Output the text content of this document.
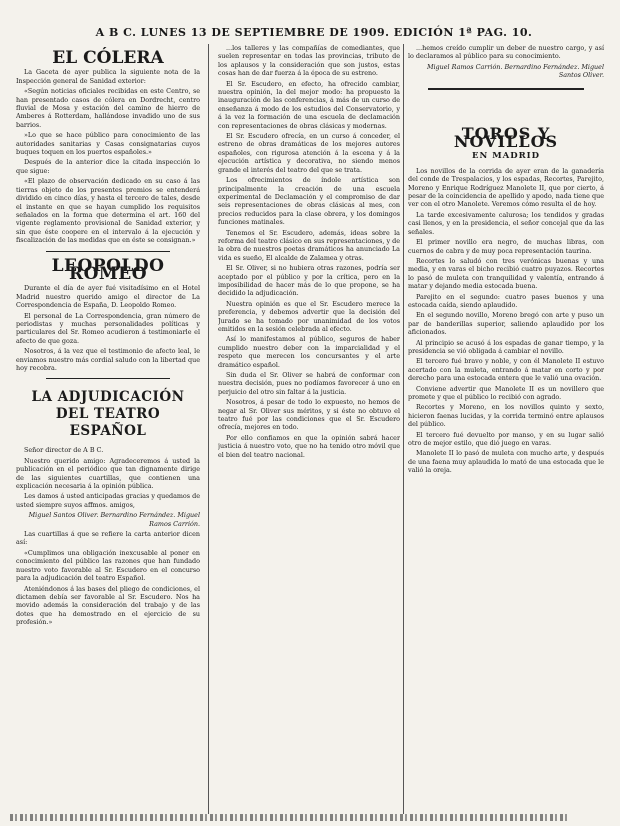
A B C. LUNES 13 DE SEPTIEMBRE DE 1909. EDICIÓN 1ª PAG. 10.
EL CÓLERA

La Gaceta de ayer publica la siguiente nota de la Inspección general de Sanidad exterior:

«Según noticias oficiales recibidas en este Centro, se han presentado casos de cólera en Dordrecht, centro fluvial de Mosa y estación del camino de hierro de Amberes á Rotterdam, hallándose invadido uno de sus barrios.

»Lo que se hace público para conocimiento de las autoridades sanitarias y Casas consignatarias cuyos buques toquen en los puertos españoles.»

Después de la anterior dice la citada inspección lo que sigue:

«El plazo de observación dedicado en su caso á las tierras objeto de los presentes premios se entenderá dividido en cinco días, y hasta el tercero de tales, desde el instante en que se hayan cumplido los requisitos señalados en la forma que determina el art. 160 del vigente reglamento provisional de Sanidad exterior, y sin que éste coopere en el intervalo á la ejecución y fiscalización de las medidas que en éste se consignan.»

LEOPOLDO ROMEO

Durante el día de ayer fué visitadísimo en el Hotel Madrid nuestro querido amigo el director de La Correspondencia de España, D. Leopoldo Romeo.

El personal de La Correspondencia, gran número de periodistas y muchas personalidades políticas y particulares del Sr. Romeo acudieron á testimoniarle el afecto de que goza.

Nosotros, á la vez que el testimonio de afecto leal, le enviamos nuestro más cordial saludo con la libertad que hoy recobra.

LA ADJUDICACIÓN DEL TEATRO ESPAÑOL

Señor director de A B C.

Nuestro querido amigo: Agradeceremos á usted la publicación en el periódico que tan dignamente dirige de las siguientes cuartillas, que contienen una explicación necesaria á la opinión pública.

Les damos á usted anticipadas gracias y quedamos de usted siempre suyos affmos. amigos,

Miguel Santos Oliver. Bernardino Fernández. Miguel Ramos Carrión.

Las cuartillas á que se refiere la carta anterior dicen así:

«Cumplimos una obligación inexcusable al poner en conocimiento del público las razones que han fundado nuestro voto favorable al Sr. Escudero en el concurso para la adjudicación del teatro Español.

Ateniéndonos á las bases del pliego de condiciones, el dictamen debía ser favorable al Sr. Escudero. Nos ha movido además la consideración del trabajo y de las dotes que ha demostrado en el ejercicio de su profesión.»

...los talleres y las compañías de comediantes, que suelen representar en todas las provincias, tributo de los aplausos y la consideración que son justos, estas cosas han de dar fuerza á la época de su estreno.

El Sr. Escudero, en efecto, ha ofrecido cambiar, nuestra opinión, la del mejor modo: ha propuesto la inauguración de las conferencias, á más de un curso de enseñanza á modo de los estudios del Conservatorio, y á la vez la formación de una escuela de declamación con representaciones de obras clásicas y modernas.

El Sr. Escudero ofrecía, en un curso á conceder, el estreno de obras dramáticas de los mejores autores españoles, con rigurosa atención á la escena y á la ejecución artística y decorativa, no siendo menos grande el interés del teatro del que se trata.

Los ofrecimientos de índole artística son principalmente la creación de una escuela experimental de Declamación y el compromiso de dar seis representaciones de obras clásicas al mes, con precios reducidos para la clase obrera, y los domingos funciones matinales.

Tenemos el Sr. Escudero, además, ideas sobre la reforma del teatro clásico en sus representaciones, y de la obra de nuestros poetas dramáticos ha anunciado La vida es sueño, El alcalde de Zalamea y otras.

El Sr. Oliver, si no hubiera otras razones, podría ser aceptado por el público y por la crítica, pero en la imposibilidad de hacer más de lo que propone, se ha decidido la adjudicación.

Nuestra opinión es que el Sr. Escudero merece la preferencia, y debemos advertir que la decisión del Jurado se ha tomado por unanimidad de los votos emitidos en la sesión celebrada al efecto.

Así lo manifestamos al público, seguros de haber cumplido nuestro deber con la imparcialidad y el respeto que merecen los concursantes y el arte dramático español.

Sin duda el Sr. Oliver se habrá de conformar con nuestra decisión, pues no podíamos favorecer á uno en perjuicio del otro sin faltar á la justicia.

Nosotros, á pesar de todo lo expuesto, no hemos de negar al Sr. Oliver sus méritos, y si éste no obtuvo el teatro fué por las condiciones que el Sr. Escudero ofrecía, mejores en todo.

Por ello confiamos en que la opinión sabrá hacer justicia á nuestro voto, que no ha tenido otro móvil que el bien del teatro nacional.

...hemos creído cumplir un deber de nuestro cargo, y así lo declaramos al público para su conocimiento.

Miguel Ramos Carrión. Bernardino Fernández. Miguel Santos Oliver.

TOROS Y NOVILLOS
EN MADRID

Los novillos de la corrida de ayer eran de la ganadería del conde de Trespalacios, y los espadas, Recortes, Parejito, Moreno y Enrique Rodríguez Manolete II, que por cierto, á pesar de la coincidencia de apellido y apodo, nada tiene que ver con el otro Manolete. Veremos cómo resulta el de hoy.

La tarde excesivamente calurosa; los tendidos y gradas casi llenos, y en la presidencia, el señor concejal que da las señales.

El primer novillo era negro, de muchas libras, con cuernos de cabra y de muy poca representación taurina.

Recortes lo saludó con tres verónicas buenas y una media, y en varas el bicho recibió cuatro puyazos. Recortes lo pasó de muleta con tranquilidad y valentía, entrando á matar y dejando media estocada buena.

Parejito en el segundo: cuatro pases buenos y una estocada caída, siendo aplaudido.

En el segundo novillo, Moreno bregó con arte y puso un par de banderillas superior, saliendo aplaudido por los aficionados.

Al principio se acusó á los espadas de ganar tiempo, y la presidencia se vió obligada á cambiar el novillo.

El tercero fué bravo y noble, y con él Manolete II estuvo acertado con la muleta, entrando á matar en corto y por derecho para una estocada entera que le valió una ovación.

Conviene advertir que Manolete II es un novillero que promete y que el público lo recibió con agrado.

Recortes y Moreno, en los novillos quinto y sexto, hicieron faenas lucidas, y la corrida terminó entre aplausos del público.

El tercero fué devuelto por manso, y en su lugar salió otro de mejor estilo, que dió juego en varas.

Manolete II lo pasó de muleta con mucho arte, y después de una faena muy aplaudida lo mató de una estocada que le valió la oreja.
